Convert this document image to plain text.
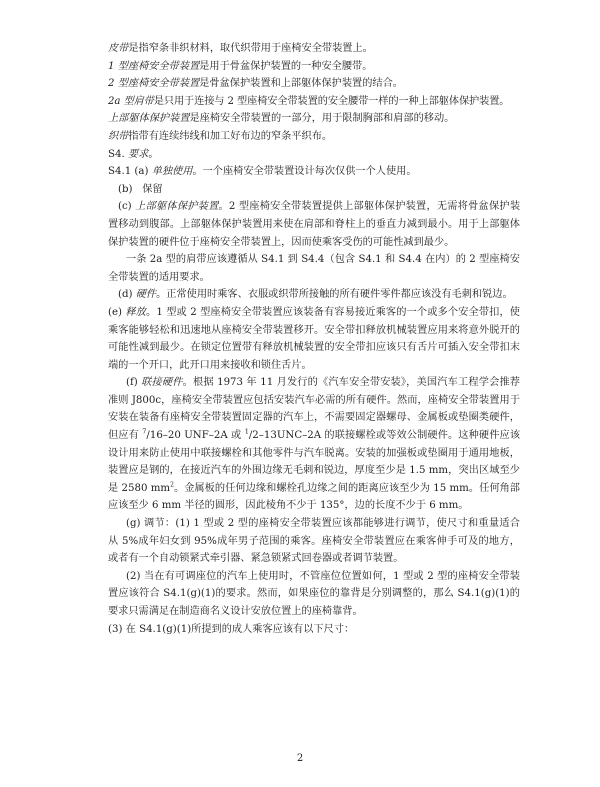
皮带是指窄条非织材料，取代织带用于座椅安全带装置上。

1 型座椅安全带装置是用于骨盆保护装置的一种安全腰带。

2 型座椅安全带装置是骨盆保护装置和上部躯体保护装置的结合。

2a 型肩带是只用于连接与 2 型座椅安全带装置的安全腰带一样的一种上部躯体保护装置。

上部躯体保护装置是座椅安全带装置的一部分，用于限制胸部和肩部的移动。

织带指带有连续纬线和加工好布边的窄条平织布。

S4. 要求。

S4.1 (a) 单独使用。一个座椅安全带装置设计每次仅供一个人使用。

(b) 保留

(c) 上部躯体保护装置。2 型座椅安全带装置提供上部躯体保护装置，无需将骨盆保护装置移动到腹部。上部躯体保护装置用来使在肩部和脊柱上的垂直力减到最小。用于上部躯体保护装置的硬件位于座椅安全带装置上，因而使乘客受伤的可能性减到最少。

一条 2a 型的肩带应该遵循从 S4.1 到 S4.4（包含 S4.1 和 S4.4 在内）的 2 型座椅安全带装置的适用要求。

(d) 硬件。正常使用时乘客、衣服或织带所接触的所有硬件零件都应该没有毛刺和锐边。

(e) 释放。1 型或 2 型座椅安全带装置应该装备有容易接近乘客的一个或多个安全带扣，使乘客能够轻松和迅速地从座椅安全带装置移开。安全带扣释放机械装置应用来将意外脱开的可能性减到最少。在锁定位置带有释放机械装置的安全带扣应该只有舌片可插入安全带扣末端的一个开口，此开口用来接收和锁住舌片。

(f) 联接硬件。根据 1973 年 11 月发行的《汽车安全带安装》，美国汽车工程学会推荐准则 J800c，座椅安全带装置应包括安装汽车必需的所有硬件。然而，座椅安全带装置用于安装在装备有座椅安全带装置固定器的汽车上，不需要固定器螺母、金属板或垫圈类硬件，但应有 $^7$/16–20 UNF–2A 或 $^1$/2–13UNC–2A 的联接螺栓或等效公制硬件。这种硬件应该设计用来防止使用中联接螺栓和其他零件与汽车脱离。安装的加强板或垫圈用于通用地板，装置应是钢的，在接近汽车的外围边缘无毛刺和锐边，厚度至少是 1.5 mm，突出区域至少是 2580 $mm^2$。金属板的任何边缘和螺栓孔边缘之间的距离应该至少为 15 mm。任何角部应该至少 6 mm 半径的圆形，因此棱角不少于 135°，边的长度不少于 6 mm。

(g) 调节：(1) 1 型或 2 型的座椅安全带装置应该都能够进行调节，使尺寸和重量适合从 5%成年妇女到 95%成年男子范围的乘客。座椅安全带装置应在乘客伸手可及的地方，或者有一个自动锁紧式牵引器、紧急锁紧式回卷器或者调节装置。

(2) 当在有可调座位的汽车上使用时，不管座位位置如何，1 型或 2 型的座椅安全带装置应该符合 S4.1(g)(1)的要求。然而，如果座位的靠背是分别调整的，那么 S4.1(g)(1)的要求只需满足在制造商名义设计安放位置上的座椅靠背。

(3) 在 S4.1(g)(1)所提到的成人乘客应该有以下尺寸：

2
